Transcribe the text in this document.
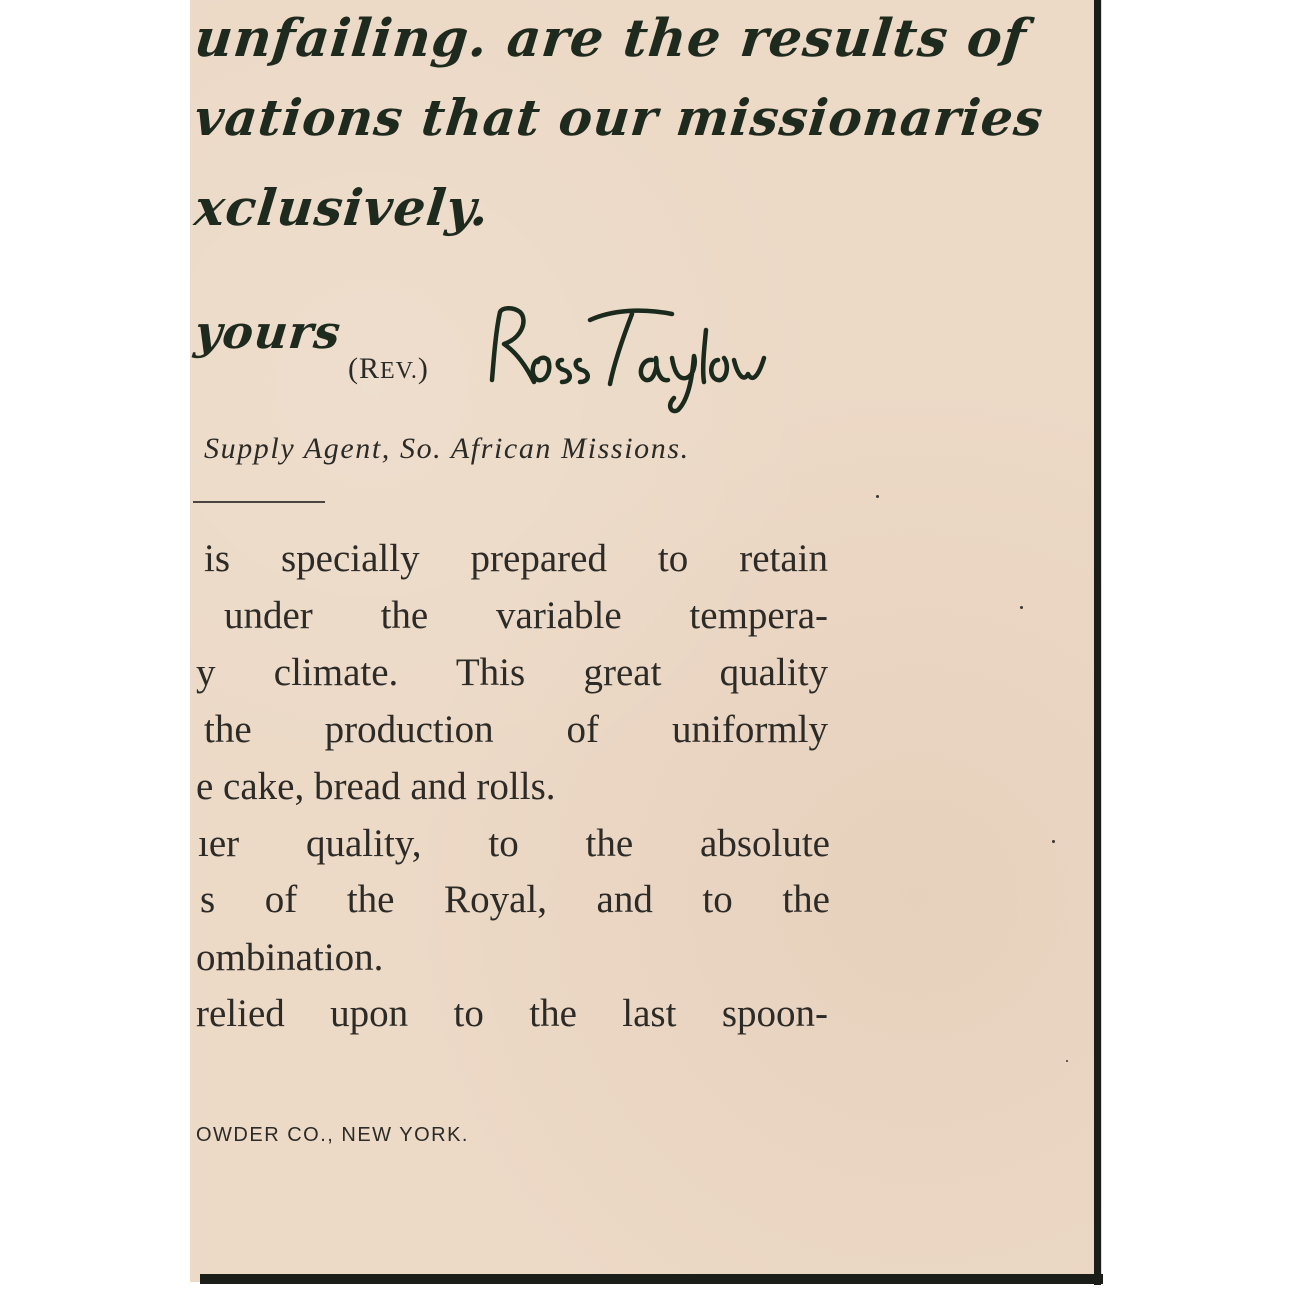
unfailing. are the results of
vations that our missionaries
xclusively.
yours
(REV.)
Supply Agent, So. African Missions.
is specially prepared to retain
under the variable tempera-
y climate. This great quality
the production of uniformly
e cake, bread and rolls.
ıer quality, to the absolute
s of the Royal, and to the
ombination.
relied upon to the last spoon-
OWDER CO., NEW YORK.
